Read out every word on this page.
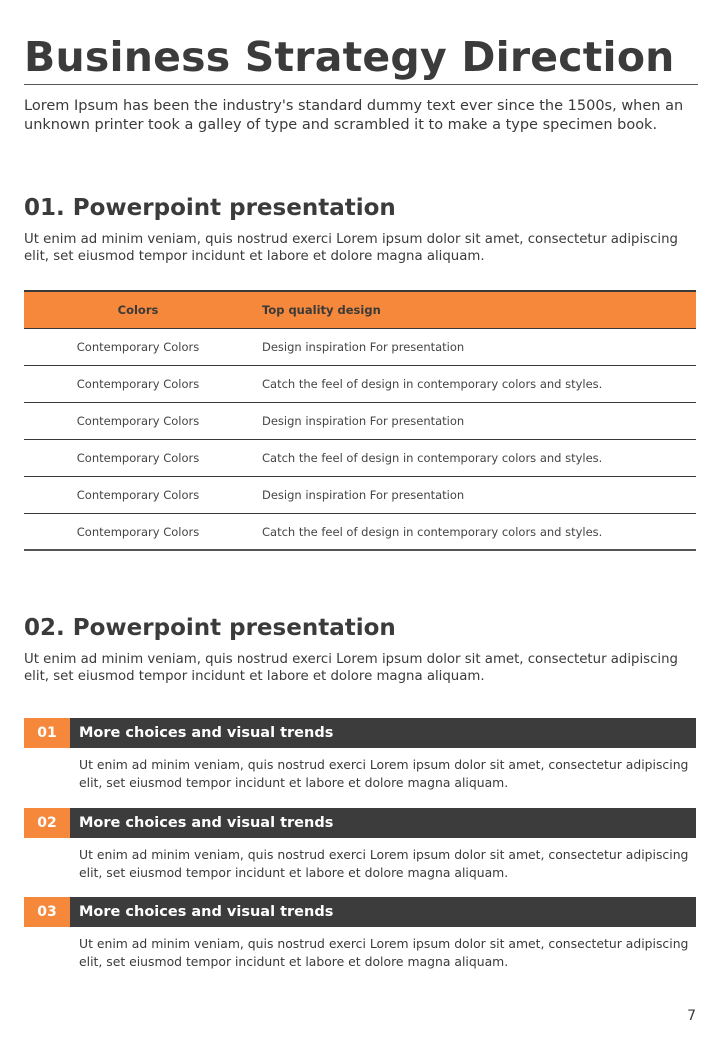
Business Strategy Direction

Lorem Ipsum has been the industry's standard dummy text ever since the 1500s, when an unknown printer took a galley of type and scrambled it to make a type specimen book.

01. Powerpoint presentation

Ut enim ad minim veniam, quis nostrud exerci Lorem ipsum dolor sit amet, consectetur adipiscing elit, set eiusmod tempor incidunt et labore et dolore magna aliquam.

Colors	Top quality design
Contemporary Colors	Design inspiration For presentation
Contemporary Colors	Catch the feel of design in contemporary colors and styles.
Contemporary Colors	Design inspiration For presentation
Contemporary Colors	Catch the feel of design in contemporary colors and styles.
Contemporary Colors	Design inspiration For presentation
Contemporary Colors	Catch the feel of design in contemporary colors and styles.
02. Powerpoint presentation

Ut enim ad minim veniam, quis nostrud exerci Lorem ipsum dolor sit amet, consectetur adipiscing elit, set eiusmod tempor incidunt et labore et dolore magna aliquam.

01	More choices and visual trends

Ut enim ad minim veniam, quis nostrud exerci Lorem ipsum dolor sit amet, consectetur adipiscing elit, set eiusmod tempor incidunt et labore et dolore magna aliquam.

02	More choices and visual trends

Ut enim ad minim veniam, quis nostrud exerci Lorem ipsum dolor sit amet, consectetur adipiscing elit, set eiusmod tempor incidunt et labore et dolore magna aliquam.

03	More choices and visual trends

Ut enim ad minim veniam, quis nostrud exerci Lorem ipsum dolor sit amet, consectetur adipiscing elit, set eiusmod tempor incidunt et labore et dolore magna aliquam.

7
